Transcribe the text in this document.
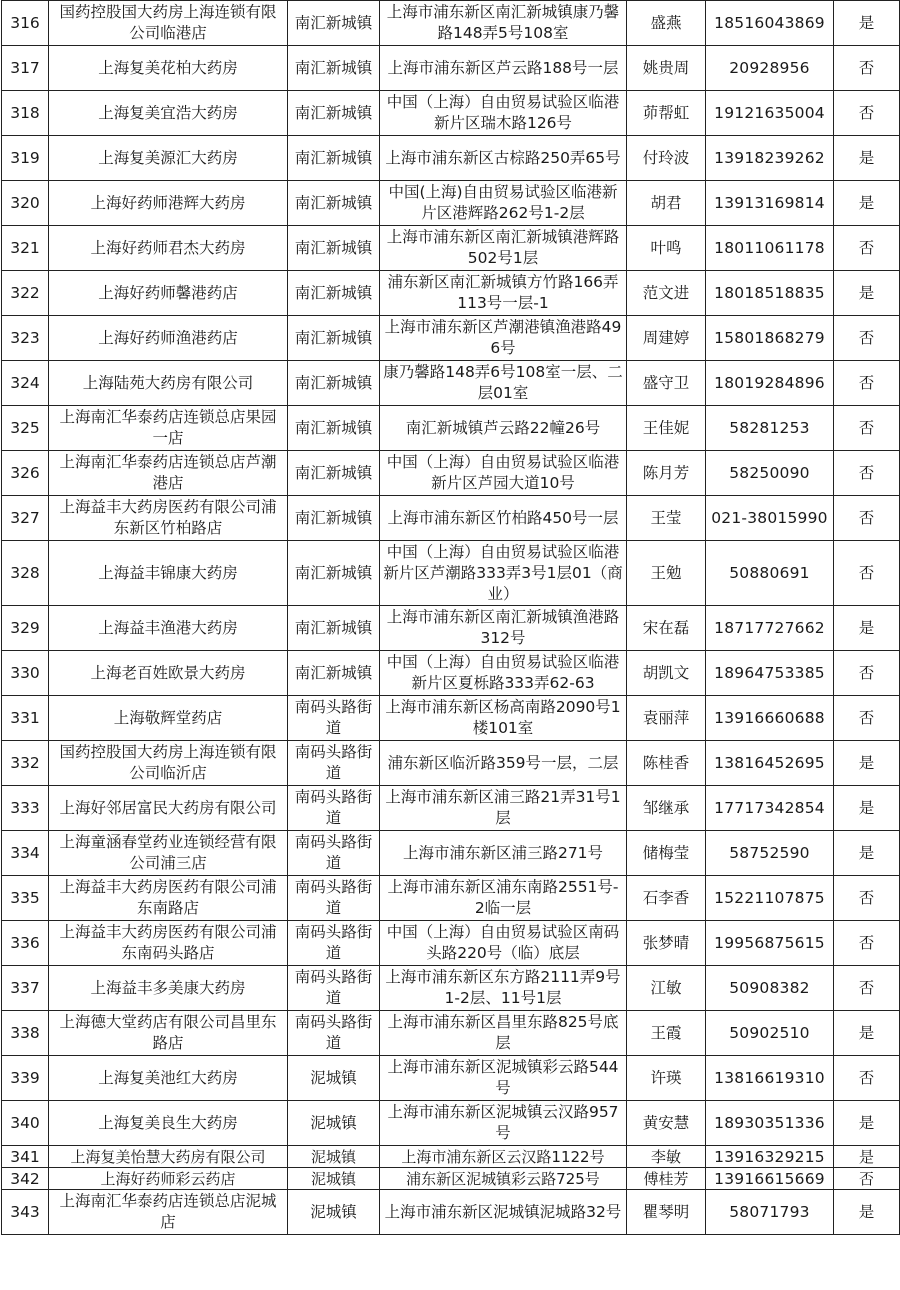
316	国药控股国大药房上海连锁有限公司临港店	南汇新城镇	上海市浦东新区南汇新城镇康乃馨路148弄5号108室	盛燕	18516043869	是
317	上海复美花柏大药房	南汇新城镇	上海市浦东新区芦云路188号一层	姚贵周	20928956	否
318	上海复美宜浩大药房	南汇新城镇	中国（上海）自由贸易试验区临港新片区瑞木路126号	茆帮虹	19121635004	否
319	上海复美源汇大药房	南汇新城镇	上海市浦东新区古棕路250弄65号	付玲波	13918239262	是
320	上海好药师港辉大药房	南汇新城镇	中国(上海)自由贸易试验区临港新片区港辉路262号1-2层	胡君	13913169814	是
321	上海好药师君杰大药房	南汇新城镇	上海市浦东新区南汇新城镇港辉路502号1层	叶鸣	18011061178	否
322	上海好药师馨港药店	南汇新城镇	浦东新区南汇新城镇方竹路166弄113号一层-1	范文进	18018518835	是
323	上海好药师渔港药店	南汇新城镇	上海市浦东新区芦潮港镇渔港路496号	周建婷	15801868279	否
324	上海陆苑大药房有限公司	南汇新城镇	康乃馨路148弄6号108室一层、二层01室	盛守卫	18019284896	否
325	上海南汇华泰药店连锁总店果园一店	南汇新城镇	南汇新城镇芦云路22幢26号	王佳妮	58281253	否
326	上海南汇华泰药店连锁总店芦潮港店	南汇新城镇	中国（上海）自由贸易试验区临港新片区芦园大道10号	陈月芳	58250090	否
327	上海益丰大药房医药有限公司浦东新区竹柏路店	南汇新城镇	上海市浦东新区竹柏路450号一层	王莹	021-38015990	否
328	上海益丰锦康大药房	南汇新城镇	中国（上海）自由贸易试验区临港新片区芦潮路333弄3号1层01（商业）	王勉	50880691	否
329	上海益丰渔港大药房	南汇新城镇	上海市浦东新区南汇新城镇渔港路312号	宋在磊	18717727662	是
330	上海老百姓欧景大药房	南汇新城镇	中国（上海）自由贸易试验区临港新片区夏栎路333弄62-63	胡凯文	18964753385	否
331	上海敬辉堂药店	南码头路街道	上海市浦东新区杨高南路2090号1楼101室	袁丽萍	13916660688	否
332	国药控股国大药房上海连锁有限公司临沂店	南码头路街道	浦东新区临沂路359号一层，二层	陈桂香	13816452695	是
333	上海好邻居富民大药房有限公司	南码头路街道	上海市浦东新区浦三路21弄31号1层	邹继承	17717342854	是
334	上海童涵春堂药业连锁经营有限公司浦三店	南码头路街道	上海市浦东新区浦三路271号	储梅莹	58752590	是
335	上海益丰大药房医药有限公司浦东南路店	南码头路街道	上海市浦东新区浦东南路2551号-2临一层	石李香	15221107875	否
336	上海益丰大药房医药有限公司浦东南码头路店	南码头路街道	中国（上海）自由贸易试验区南码头路220号（临）底层	张梦晴	19956875615	否
337	上海益丰多美康大药房	南码头路街道	上海市浦东新区东方路2111弄9号1-2层、11号1层	江敏	50908382	否
338	上海德大堂药店有限公司昌里东路店	南码头路街道	上海市浦东新区昌里东路825号底层	王霞	50902510	是
339	上海复美池红大药房	泥城镇	上海市浦东新区泥城镇彩云路544号	许瑛	13816619310	否
340	上海复美良生大药房	泥城镇	上海市浦东新区泥城镇云汉路957号	黄安慧	18930351336	是
341	上海复美怡慧大药房有限公司	泥城镇	上海市浦东新区云汉路1122号	李敏	13916329215	是
342	上海好药师彩云药店	泥城镇	浦东新区泥城镇彩云路725号	傅桂芳	13916615669	否
343	上海南汇华泰药店连锁总店泥城店	泥城镇	上海市浦东新区泥城镇泥城路32号	瞿琴明	58071793	是
